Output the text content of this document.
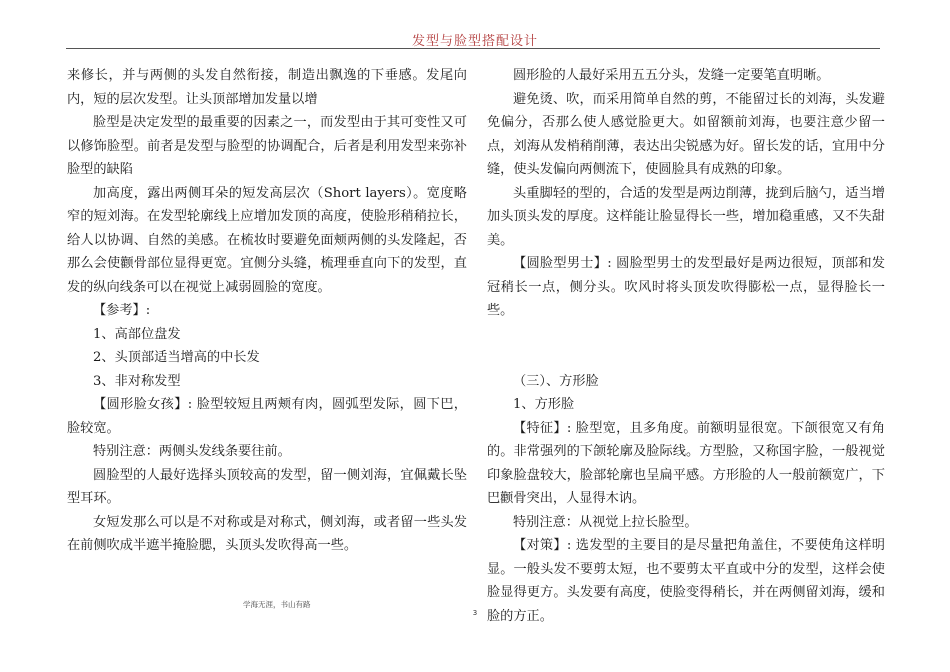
发型与脸型搭配设计

来修长，并与两侧的头发自然衔接，制造出飘逸的下垂感。发尾向内，短的层次发型。让头顶部增加发量以增

脸型是决定发型的最重要的因素之一，而发型由于其可变性又可以修饰脸型。前者是发型与脸型的协调配合，后者是利用发型来弥补脸型的缺陷

加高度，露出两侧耳朵的短发高层次（Short layers）。宽度略窄的短刘海。在发型轮廓线上应增加发顶的高度，使脸形稍稍拉长，给人以协调、自然的美感。在梳妆时要避免面颊两侧的头发隆起，否那么会使颧骨部位显得更宽。宜侧分头缝，梳理垂直向下的发型，直发的纵向线条可以在视觉上减弱圆脸的宽度。

【参考】:

1、高部位盘发

2、头顶部适当增高的中长发

3、非对称发型

【圆形脸女孩】: 脸型较短且两颊有肉，圆弧型发际，圆下巴，脸较宽。

特别注意：两侧头发线条要往前。

圆脸型的人最好选择头顶较高的发型，留一侧刘海，宜佩戴长坠型耳环。

女短发那么可以是不对称或是对称式，侧刘海，或者留一些头发在前侧吹成半遮半掩脸腮，头顶头发吹得高一些。

圆形脸的人最好采用五五分头，发缝一定要笔直明晰。

避免烫、吹，而采用简单自然的剪，不能留过长的刘海，头发避免偏分，否那么使人感觉脸更大。如留额前刘海，也要注意少留一点，刘海从发梢稍削薄，表达出尖锐感为好。留长发的话，宜用中分缝，使头发偏向两侧流下，使圆脸具有成熟的印象。

头重脚轻的型的，合适的发型是两边削薄，拢到后脑勺，适当增加头顶头发的厚度。这样能让脸显得长一些，增加稳重感，又不失甜美。

【圆脸型男士】: 圆脸型男士的发型最好是两边很短，顶部和发冠稍长一点，侧分头。吹风时将头顶发吹得膨松一点，显得脸长一些。

（三）、方形脸

1、方形脸

【特征】: 脸型宽，且多角度。前额明显很宽。下颌很宽又有角的。非常强列的下颌轮廓及脸际线。方型脸，又称国字脸，一般视觉印象脸盘较大，脸部轮廓也呈扁平感。方形脸的人一般前额宽广，下巴颧骨突出，人显得木讷。

特别注意：从视觉上拉长脸型。

【对策】: 选发型的主要目的是尽量把角盖住，不要使角这样明显。一般头发不要剪太短，也不要剪太平直或中分的发型，这样会使脸显得更方。头发要有高度，使脸变得稍长，并在两侧留刘海，缓和脸的方正。

学海无涯，书山有路
3
